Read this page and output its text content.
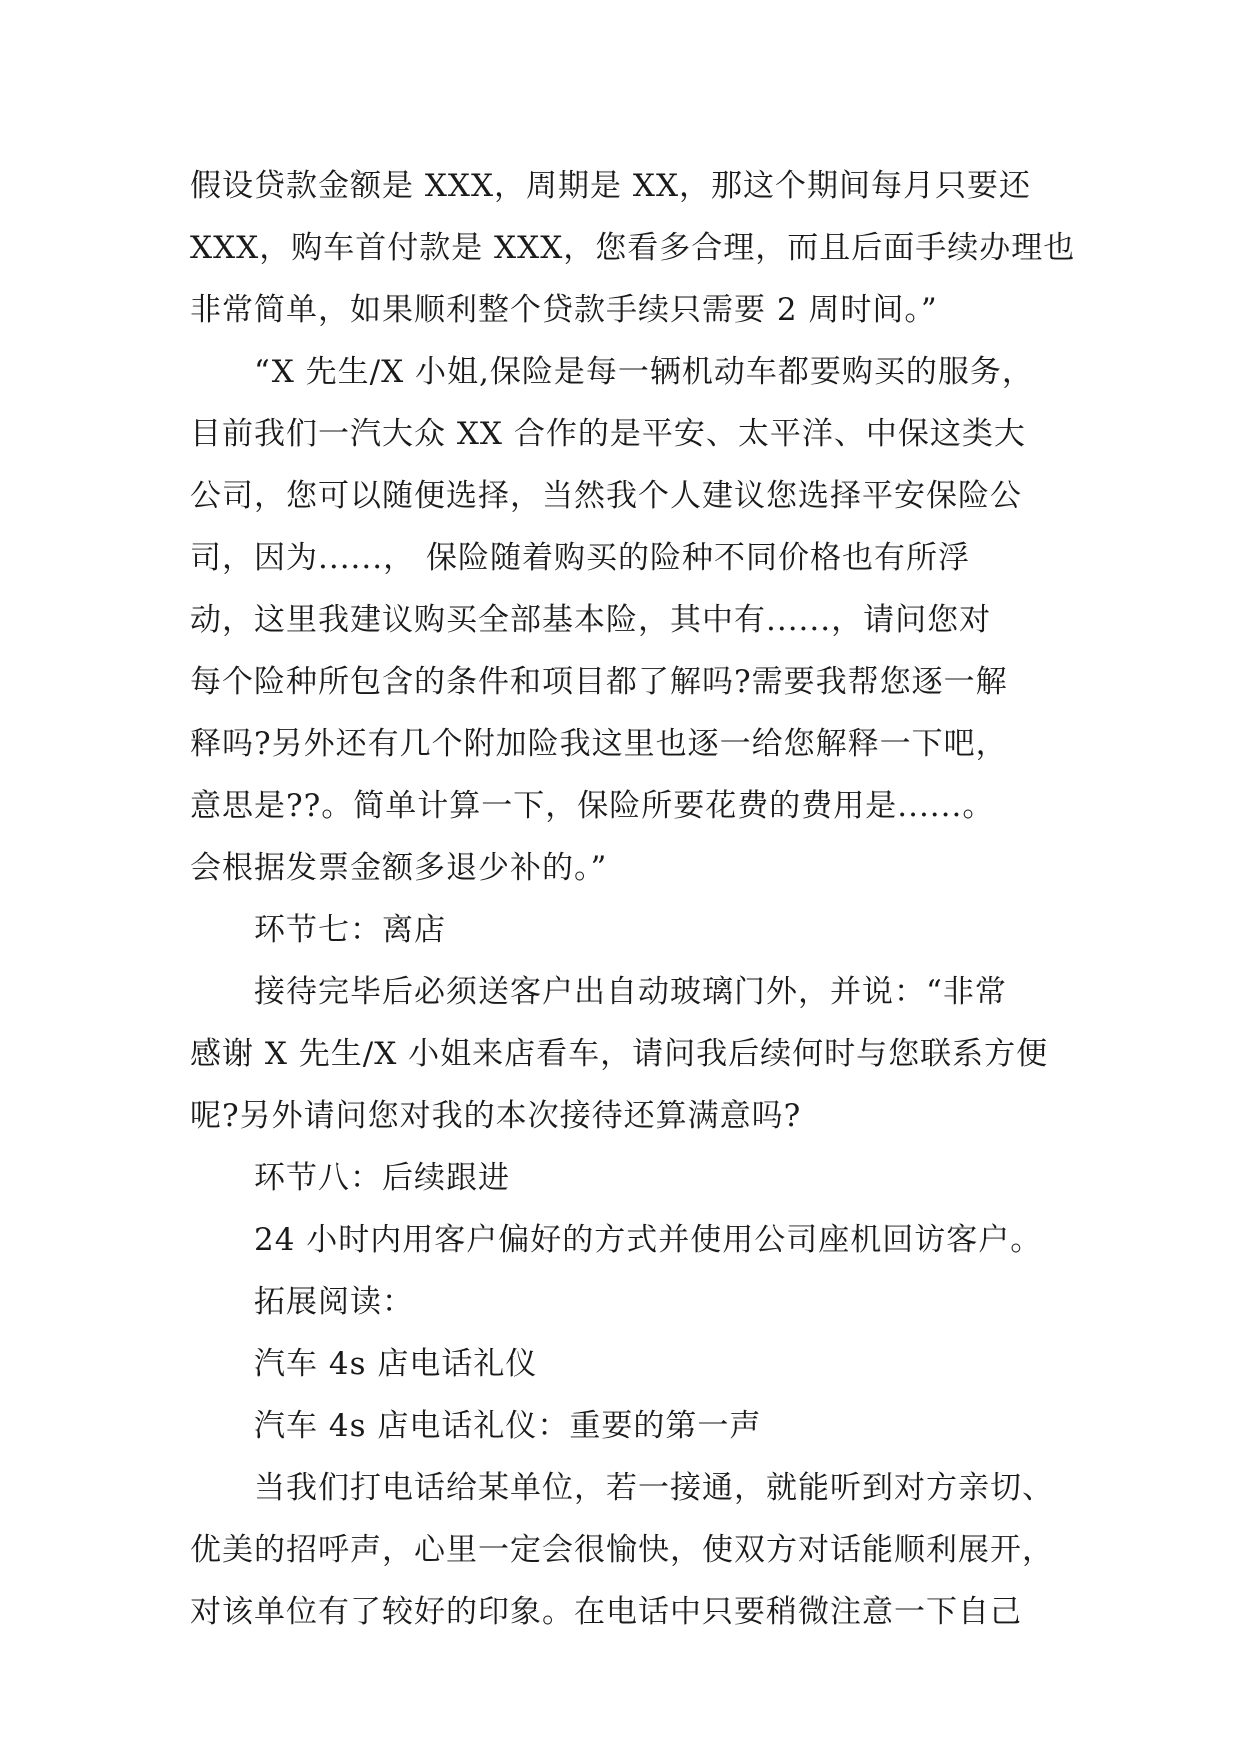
假设贷款金额是 XXX，周期是 XX，那这个期间每月只要还
XXX，购车首付款是 XXX，您看多合理，而且后面手续办理也
非常简单，如果顺利整个贷款手续只需要 2 周时间。”
“X 先生/X 小姐,保险是每一辆机动车都要购买的服务，
目前我们一汽大众 XX 合作的是平安、太平洋、中保这类大
公司，您可以随便选择，当然我个人建议您选择平安保险公
司，因为......， 保险随着购买的险种不同价格也有所浮
动，这里我建议购买全部基本险，其中有......，请问您对
每个险种所包含的条件和项目都了解吗?需要我帮您逐一解
释吗?另外还有几个附加险我这里也逐一给您解释一下吧，
意思是??。简单计算一下，保险所要花费的费用是......。
会根据发票金额多退少补的。”
环节七：离店
接待完毕后必须送客户出自动玻璃门外，并说：“非常
感谢 X 先生/X 小姐来店看车，请问我后续何时与您联系方便
呢?另外请问您对我的本次接待还算满意吗?
环节八：后续跟进
24 小时内用客户偏好的方式并使用公司座机回访客户。
拓展阅读：
汽车 4s 店电话礼仪
汽车 4s 店电话礼仪：重要的第一声
当我们打电话给某单位，若一接通，就能听到对方亲切、
优美的招呼声，心里一定会很愉快，使双方对话能顺利展开，
对该单位有了较好的印象。在电话中只要稍微注意一下自己
